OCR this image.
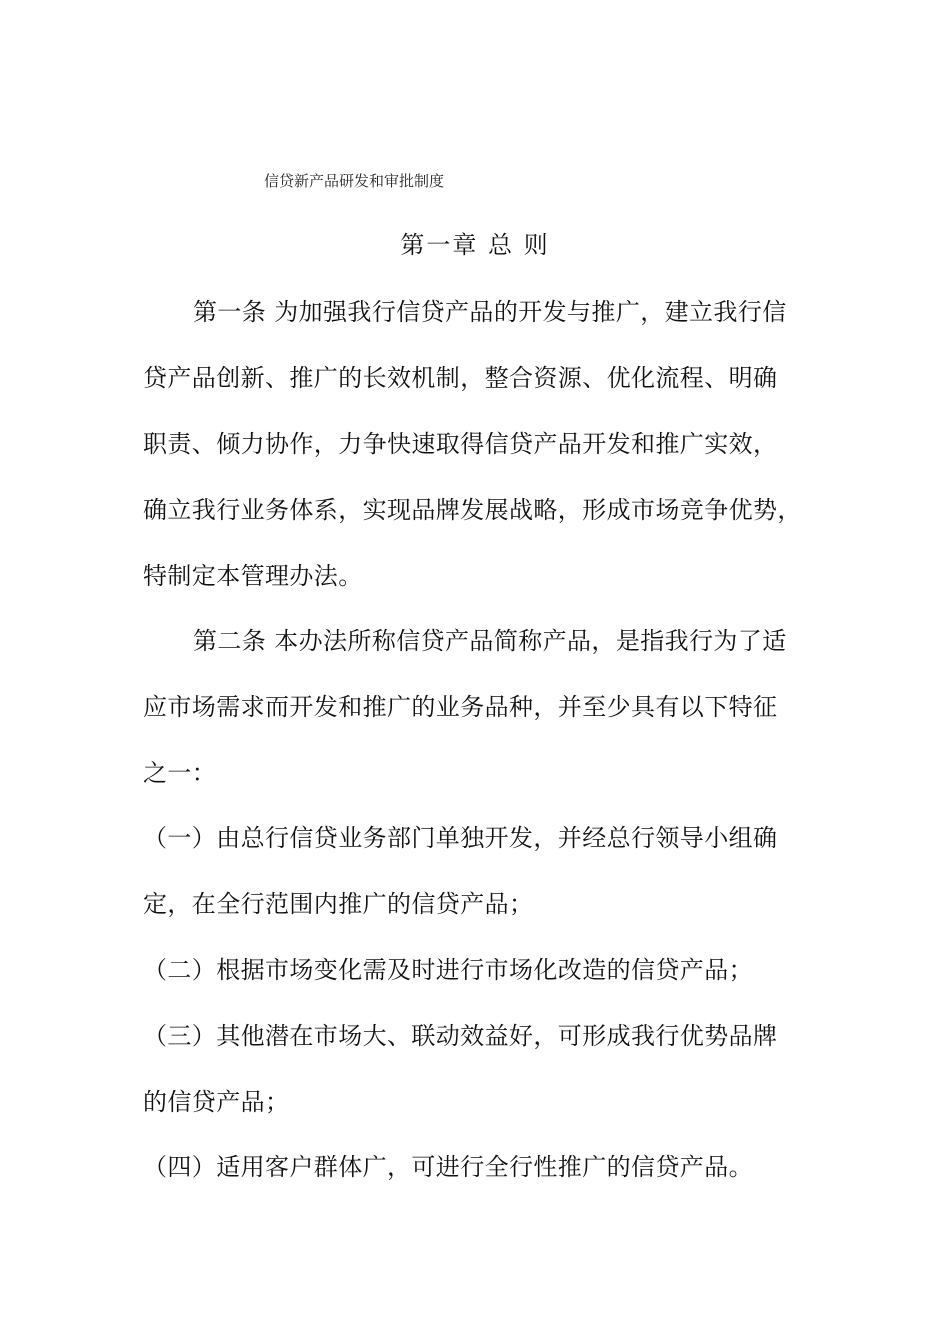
信贷新产品研发和审批制度
第一章 总 则
第一条 为加强我行信贷产品的开发与推广，建立我行信
贷产品创新、推广的长效机制，整合资源、优化流程、明确
职责、倾力协作，力争快速取得信贷产品开发和推广实效，
确立我行业务体系，实现品牌发展战略，形成市场竞争优势，
特制定本管理办法。
第二条 本办法所称信贷产品简称产品，是指我行为了适
应市场需求而开发和推广的业务品种，并至少具有以下特征
之一：
（一）由总行信贷业务部门单独开发，并经总行领导小组确
定，在全行范围内推广的信贷产品；
（二）根据市场变化需及时进行市场化改造的信贷产品；
（三）其他潜在市场大、联动效益好，可形成我行优势品牌
的信贷产品；
（四）适用客户群体广，可进行全行性推广的信贷产品。
